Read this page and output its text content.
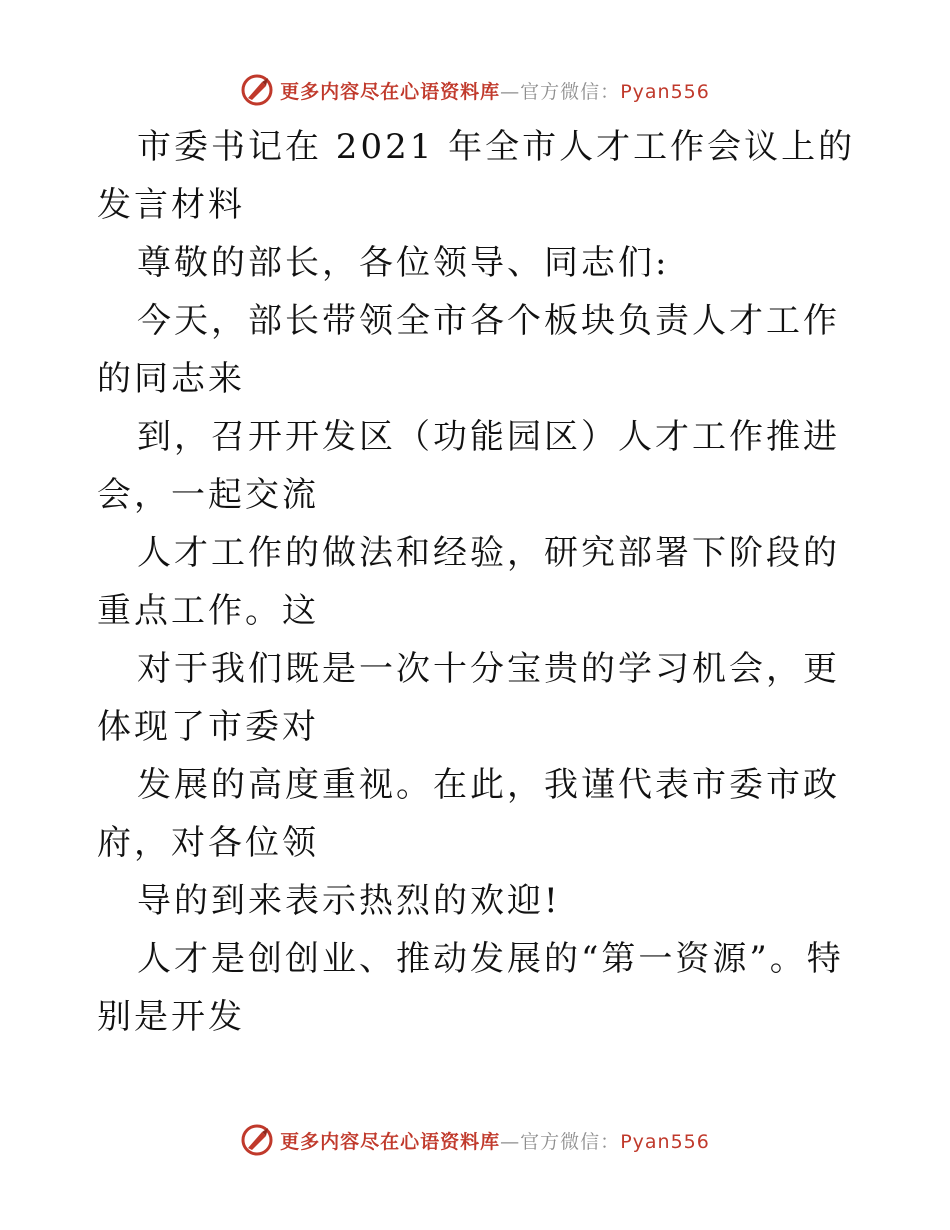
更多内容尽在心语资料库—官方微信：Pyan556

市委书记在 2021 年全市人才工作会议上的发言材料

尊敬的部长，各位领导、同志们:

今天，部长带领全市各个板块负责人才工作的同志来

到，召开开发区（功能园区）人才工作推进会，一起交流

人才工作的做法和经验，研究部署下阶段的重点工作。这

对于我们既是一次十分宝贵的学习机会，更体现了市委对

发展的高度重视。在此，我谨代表市委市政府，对各位领

导的到来表示热烈的欢迎!

人才是创创业、推动发展的“第一资源”。特别是开发

更多内容尽在心语资料库—官方微信：Pyan556
